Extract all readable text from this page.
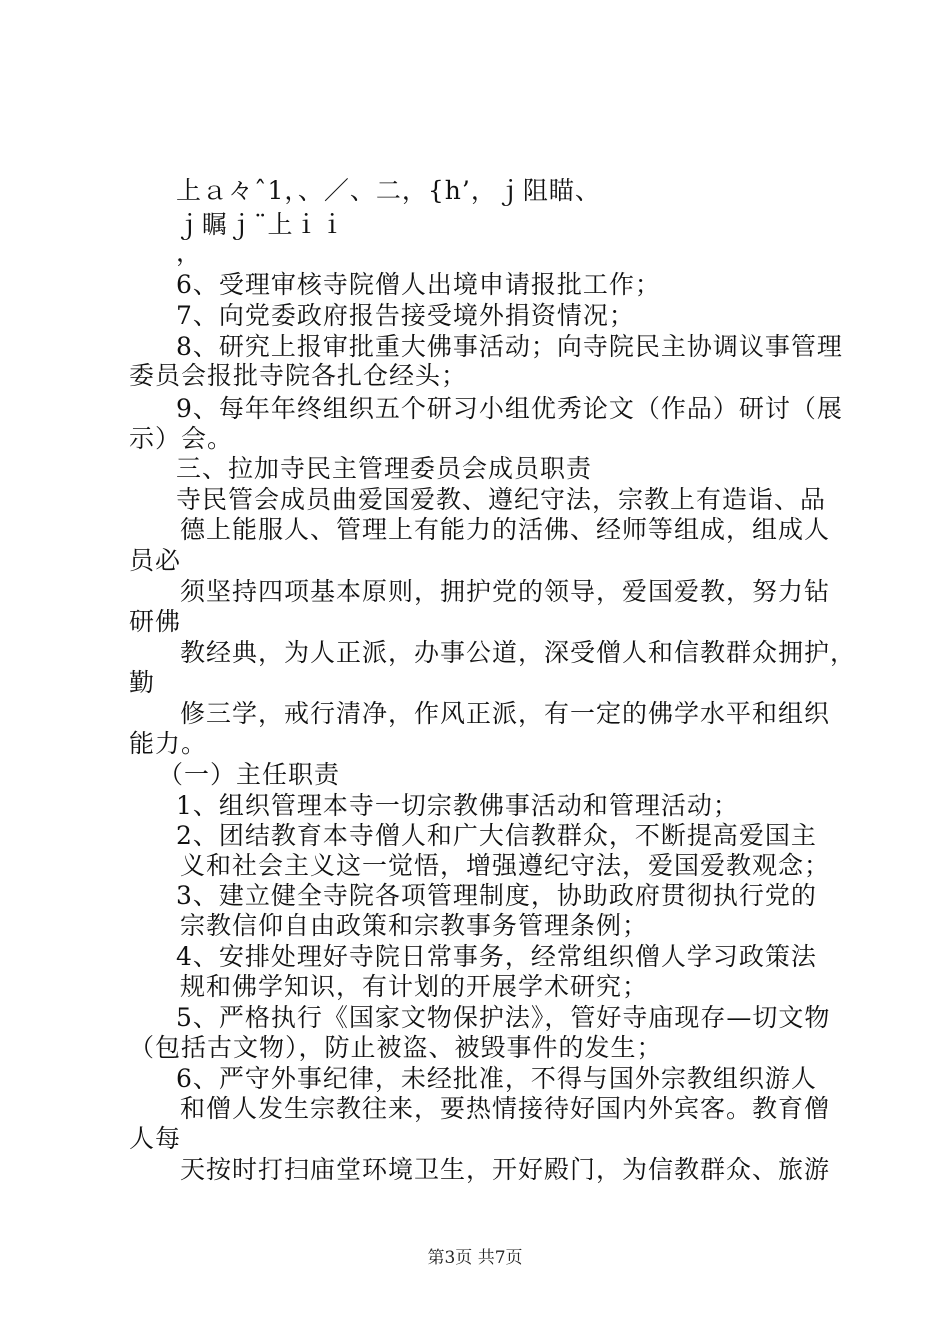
上ａ々ˆ1，、／、二，{h’，ｊ阻瞄、
ｊ瞩ｊ¨上ｉｉ
，
6、受理审核寺院僧人出境申请报批工作；
7、向党委政府报告接受境外捐资情况；
8、研究上报审批重大佛事活动；向寺院民主协调议事管理
委员会报批寺院各扎仓经头；
9、每年年终组织五个研习小组优秀论文（作品）研讨（展
示）会。
三、拉加寺民主管理委员会成员职责
寺民管会成员曲爱国爱教、遵纪守法，宗教上有造诣、品
德上能服人、管理上有能力的活佛、经师等组成，组成人
员必
须坚持四项基本原则，拥护党的领导，爱国爱教，努力钻
研佛
教经典，为人正派，办事公道，深受僧人和信教群众拥护，
勤
修三学，戒行清净，作风正派，有一定的佛学水平和组织
能力。
（一）主任职责
1、组织管理本寺一切宗教佛事活动和管理活动；
2、团结教育本寺僧人和广大信教群众，不断提高爱国主
义和社会主义这一觉悟，增强遵纪守法，爱国爱教观念；
3、建立健全寺院各项管理制度，协助政府贯彻执行党的
宗教信仰自由政策和宗教事务管理条例；
4、安排处理好寺院日常事务，经常组织僧人学习政策法
规和佛学知识，有计划的开展学术研究；
5、严格执行《国家文物保护法》，管好寺庙现存—切文物
（包括古文物），防止被盗、被毁事件的发生；
6、严守外事纪律，未经批准，不得与国外宗教组织游人
和僧人发生宗教往来，要热情接待好国内外宾客。教育僧
人每
天按时打扫庙堂环境卫生，开好殿门，为信教群众、旅游
第3页 共7页
